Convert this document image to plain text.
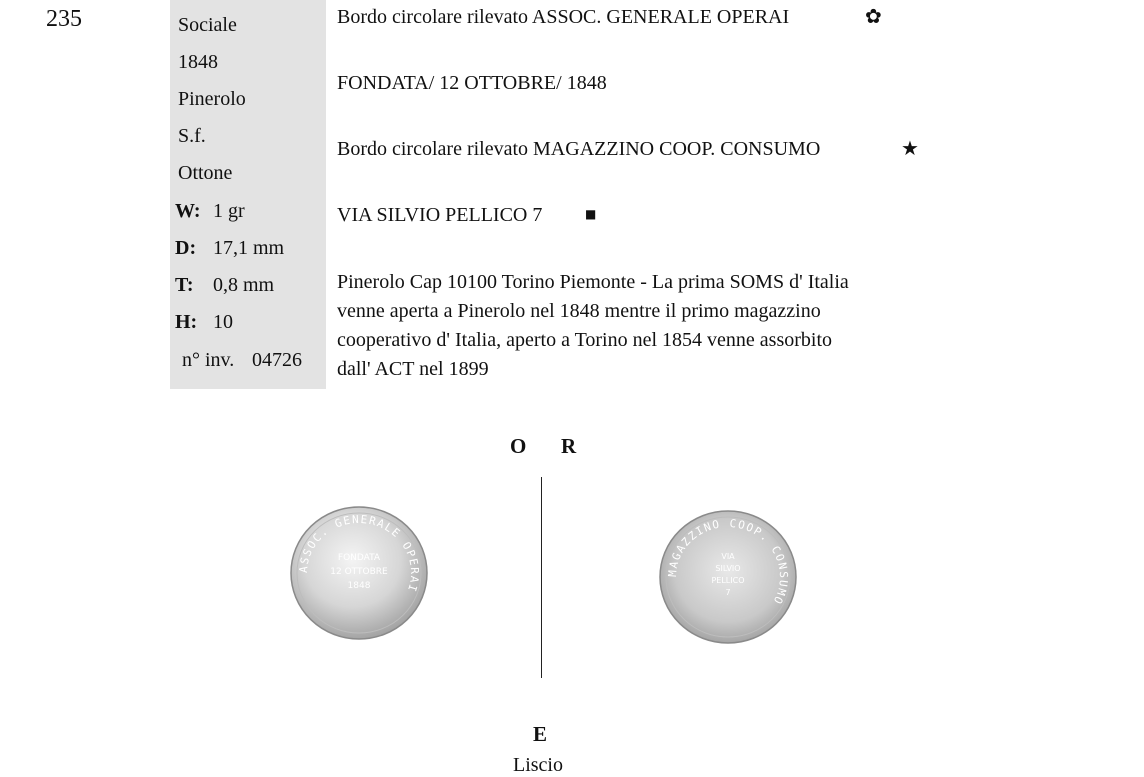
235	Sociale
1848
Pinerolo
S.f.
Ottone
W: 1 gr
D: 17,1 mm
T: 0,8 mm
H: 10
n° inv. 04726
Bordo circolare rilevato ASSOC. GENERALE OPERAI	✿
FONDATA/ 12 OTTOBRE/ 1848
Bordo circolare rilevato MAGAZZINO COOP. CONSUMO	★
VIA SILVIO PELLICO 7	■
Pinerolo Cap 10100 Torino Piemonte - La prima SOMS d' Italia
venne aperta a Pinerolo nel 1848 mentre il primo magazzino
cooperativo d' Italia, aperto a Torino nel 1854 venne assorbito
dall' ACT nel 1899
O R
ASSOC. GENERALE OPERAI
FONDATA
12 OTTOBRE
1848
MAGAZZINO COOP. CONSUMO
VIA
SILVIO
PELLICO
7
E
Liscio
